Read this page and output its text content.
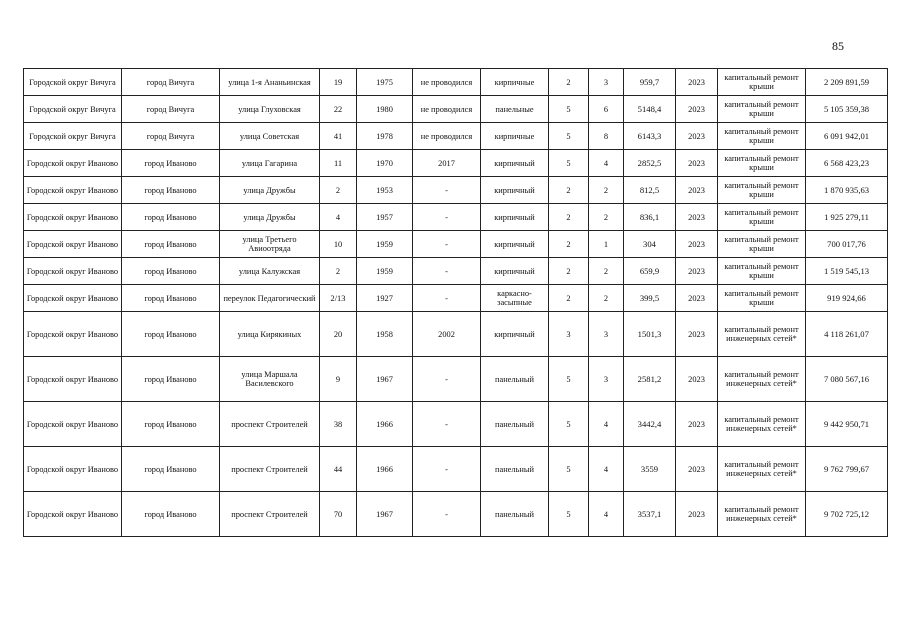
85
Городской округ Вичуга	город Вичуга	улица 1-я Ананьинская	19	1975	не проводился	кирпичные	2	3	959,7	2023	капитальный ремонт крыши	2 209 891,59
Городской округ Вичуга	город Вичуга	улица Глуховская	22	1980	не проводился	панельные	5	6	5148,4	2023	капитальный ремонт крыши	5 105 359,38
Городской округ Вичуга	город Вичуга	улица Советская	41	1978	не проводился	кирпичные	5	8	6143,3	2023	капитальный ремонт крыши	6 091 942,01
Городской округ Иваново	город Иваново	улица Гагарина	11	1970	2017	кирпичный	5	4	2852,5	2023	капитальный ремонт крыши	6 568 423,23
Городской округ Иваново	город Иваново	улица Дружбы	2	1953	-	кирпичный	2	2	812,5	2023	капитальный ремонт крыши	1 870 935,63
Городской округ Иваново	город Иваново	улица Дружбы	4	1957	-	кирпичный	2	2	836,1	2023	капитальный ремонт крыши	1 925 279,11
Городской округ Иваново	город Иваново	улица Третьего Авиоотряда	10	1959	-	кирпичный	2	1	304	2023	капитальный ремонт крыши	700 017,76
Городской округ Иваново	город Иваново	улица Калужская	2	1959	-	кирпичный	2	2	659,9	2023	капитальный ремонт крыши	1 519 545,13
Городской округ Иваново	город Иваново	переулок Педагогический	2/13	1927	-	каркасно-засыпные	2	2	399,5	2023	капитальный ремонт крыши	919 924,66
Городской округ Иваново	город Иваново	улица Кирякиных	20	1958	2002	кирпичный	3	3	1501,3	2023	капитальный ремонт инженерных сетей*	4 118 261,07
Городской округ Иваново	город Иваново	улица Маршала Василевского	9	1967	-	панельный	5	3	2581,2	2023	капитальный ремонт инженерных сетей*	7 080 567,16
Городской округ Иваново	город Иваново	проспект Строителей	38	1966	-	панельный	5	4	3442,4	2023	капитальный ремонт инженерных сетей*	9 442 950,71
Городской округ Иваново	город Иваново	проспект Строителей	44	1966	-	панельный	5	4	3559	2023	капитальный ремонт инженерных сетей*	9 762 799,67
Городской округ Иваново	город Иваново	проспект Строителей	70	1967	-	панельный	5	4	3537,1	2023	капитальный ремонт инженерных сетей*	9 702 725,12
